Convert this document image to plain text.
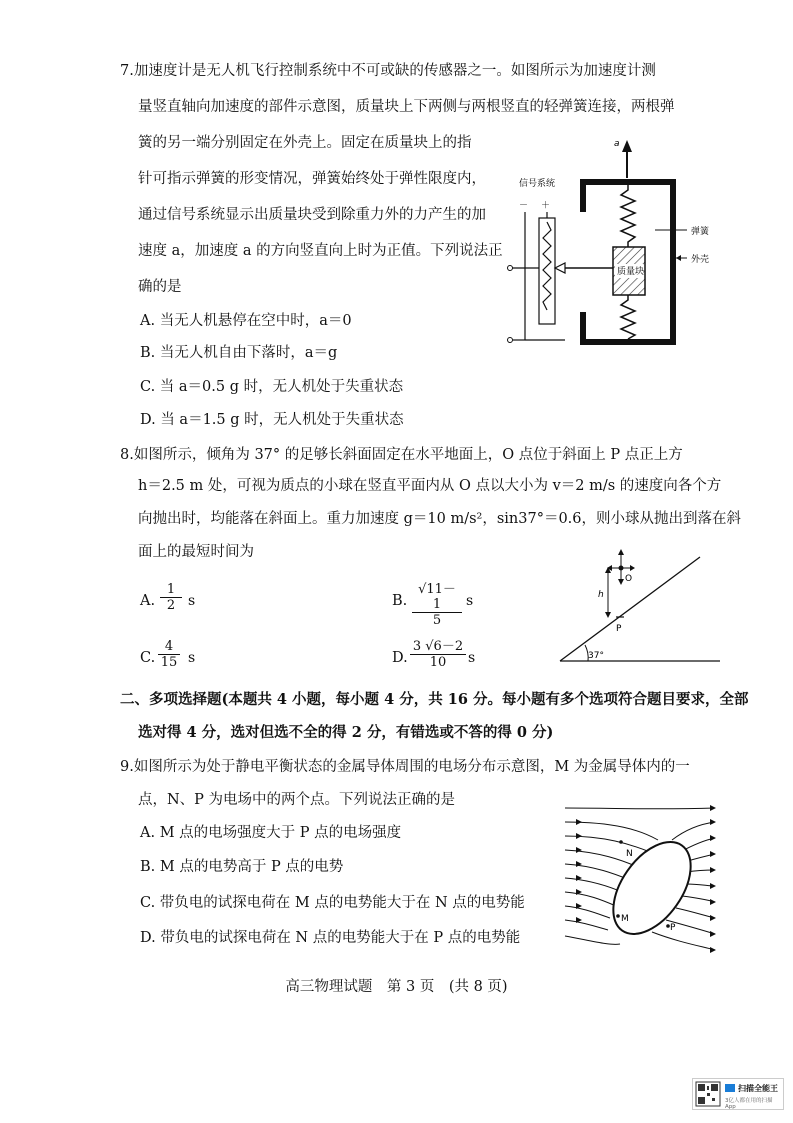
7.加速度计是无人机飞行控制系统中不可或缺的传感器之一。如图所示为加速度计测
量竖直轴向加速度的部件示意图，质量块上下两侧与两根竖直的轻弹簧连接，两根弹
簧的另一端分别固定在外壳上。固定在质量块上的指
针可指示弹簧的形变情况，弹簧始终处于弹性限度内，
通过信号系统显示出质量块受到除重力外的力产生的加
速度 a，加速度 a 的方向竖直向上时为正值。下列说法正
确的是
A. 当无人机悬停在空中时，a＝0
B. 当无人机自由下落时，a＝g
C. 当 a＝0.5 g 时，无人机处于失重状态
D. 当 a＝1.5 g 时，无人机处于失重状态
a
质量块
信号系统
－ ＋
弹簧
外壳
8.如图所示，倾角为 37° 的足够长斜面固定在水平地面上，O 点位于斜面上 P 点正上方
h＝2.5 m 处，可视为质点的小球在竖直平面内从 O 点以大小为 v＝2 m/s 的速度向各个方
向抛出时，均能落在斜面上。重力加速度 g＝10 m/s²，sin37°＝0.6，则小球从抛出到落在斜
面上的最短时间为
A. $\frac{1}{2}$ s	B. $\frac{√11-1}{5}$ s
C. $\frac{4}{15}$ s	D. $\frac{3 √6-2}{10}$ s	37°
O
h
P
二、多项选择题(本题共 4 小题，每小题 4 分，共 16 分。每小题有多个选项符合题目要求，全部
选对得 4 分，选对但选不全的得 2 分，有错选或不答的得 0 分)
9.如图所示为处于静电平衡状态的金属导体周围的电场分布示意图，M 为金属导体内的一
点，N、P 为电场中的两个点。下列说法正确的是
A. M 点的电场强度大于 P 点的电场强度
B. M 点的电势高于 P 点的电势
C. 带负电的试探电荷在 M 点的电势能大于在 N 点的电势能
D. 带负电的试探电荷在 N 点的电势能大于在 P 点的电势能
N
M
P
高三物理试题　第 3 页　(共 8 页)
扫描全能王
3亿人都在用的扫描App
